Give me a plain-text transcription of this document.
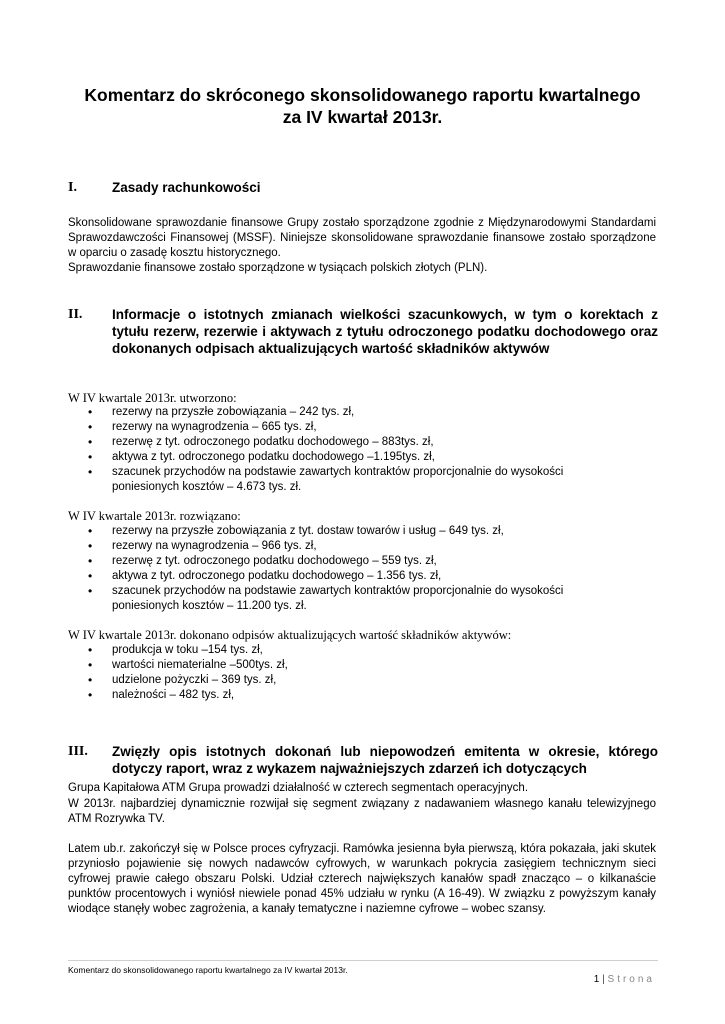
Komentarz do skróconego skonsolidowanego raportu kwartalnego
za IV kwartał 2013r.
I.	Zasady rachunkowości
Skonsolidowane sprawozdanie finansowe Grupy zostało sporządzone zgodnie z Międzynarodowymi Standardami Sprawozdawczości Finansowej (MSSF). Niniejsze skonsolidowane sprawozdanie finansowe zostało sporządzone w oparciu o zasadę kosztu historycznego.
Sprawozdanie finansowe zostało sporządzone w tysiącach polskich złotych (PLN).
II. Informacje o istotnych zmianach wielkości szacunkowych, w tym o korektach z tytułu rezerw, rezerwie i aktywach z tytułu odroczonego podatku dochodowego oraz dokonanych odpisach aktualizujących wartość składników aktywów
W IV kwartale 2013r. utworzono:
• rezerwy na przyszłe zobowiązania – 242 tys. zł,
• rezerwy na wynagrodzenia – 665 tys. zł,
• rezerwę z tyt. odroczonego podatku dochodowego – 883tys. zł,
• aktywa z tyt. odroczonego podatku dochodowego –1.195tys. zł,
• szacunek przychodów na podstawie zawartych kontraktów proporcjonalnie do wysokości poniesionych kosztów – 4.673 tys. zł.
W IV kwartale 2013r. rozwiązano:
• rezerwy na przyszłe zobowiązania z tyt. dostaw towarów i usług – 649 tys. zł,
• rezerwy na wynagrodzenia – 966 tys. zł,
• rezerwę z tyt. odroczonego podatku dochodowego – 559 tys. zł,
• aktywa z tyt. odroczonego podatku dochodowego – 1.356 tys. zł,
• szacunek przychodów na podstawie zawartych kontraktów proporcjonalnie do wysokości poniesionych kosztów – 11.200 tys. zł.
W IV kwartale 2013r. dokonano odpisów aktualizujących wartość składników aktywów:
• produkcja w toku –154 tys. zł,
• wartości niematerialne –500tys. zł,
• udzielone pożyczki – 369 tys. zł,
• należności – 482 tys. zł,
III. Zwięzły opis istotnych dokonań lub niepowodzeń emitenta w okresie, którego dotyczy raport, wraz z wykazem najważniejszych zdarzeń ich dotyczących
Grupa Kapitałowa ATM Grupa prowadzi działalność w czterech segmentach operacyjnych.
W 2013r. najbardziej dynamicznie rozwijał się segment związany z nadawaniem własnego kanału telewizyjnego ATM Rozrywka TV.
Latem ub.r. zakończył się w Polsce proces cyfryzacji. Ramówka jesienna była pierwszą, która pokazała, jaki skutek przyniosło pojawienie się nowych nadawców cyfrowych, w warunkach pokrycia zasięgiem technicznym sieci cyfrowej prawie całego obszaru Polski. Udział czterech największych kanałów spadł znacząco – o kilkanaście punktów procentowych i wyniósł niewiele ponad 45% udziału w rynku (A 16-49). W związku z powyższym kanały wiodące stanęły wobec zagrożenia, a kanały tematyczne i naziemne cyfrowe – wobec szansy.
Komentarz do skonsolidowanego raportu kwartalnego za IV kwartał 2013r.
1 | Strona
